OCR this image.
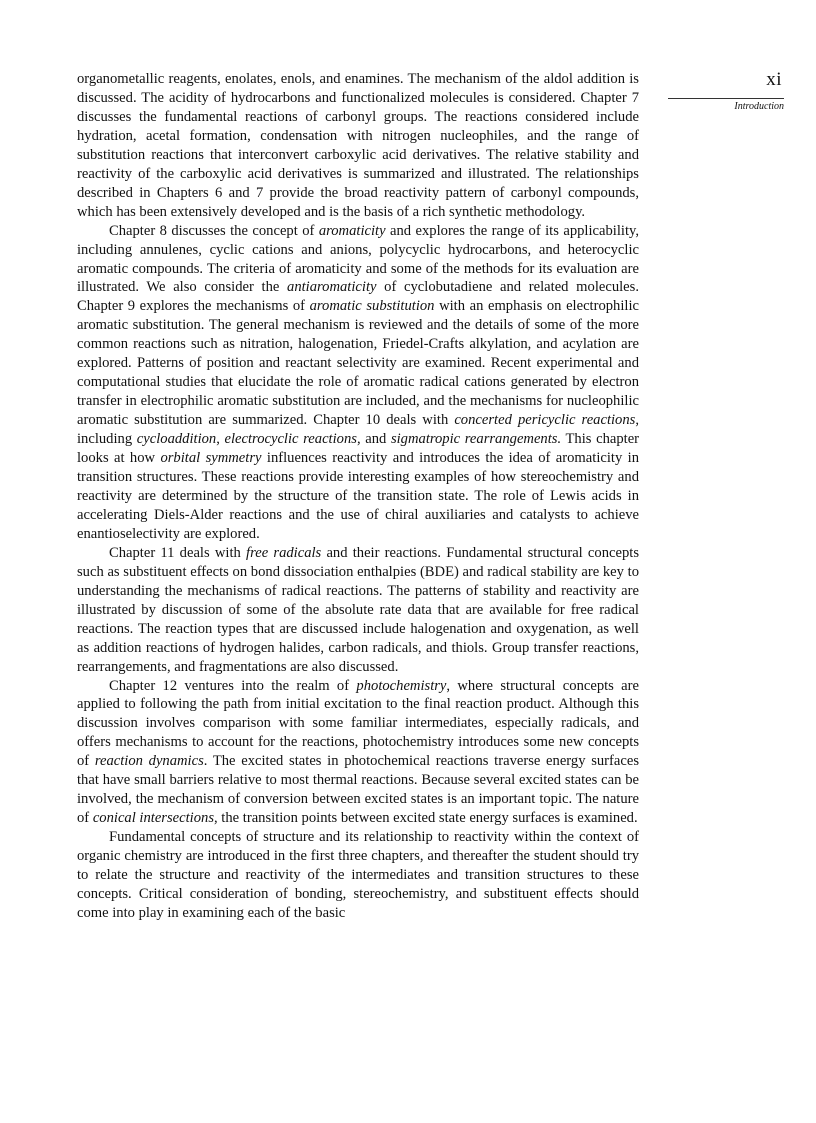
xi
Introduction

organometallic reagents, enolates, enols, and enamines. The mechanism of the aldol addition is discussed. The acidity of hydrocarbons and functionalized molecules is considered. Chapter 7 discusses the fundamental reactions of carbonyl groups. The reactions considered include hydration, acetal formation, condensation with nitrogen nucleophiles, and the range of substitution reactions that interconvert carboxylic acid derivatives. The relative stability and reactivity of the carboxylic acid derivatives is summarized and illustrated. The relationships described in Chapters 6 and 7 provide the broad reactivity pattern of carbonyl compounds, which has been extensively developed and is the basis of a rich synthetic methodology.

Chapter 8 discusses the concept of aromaticity and explores the range of its applicability, including annulenes, cyclic cations and anions, polycyclic hydrocarbons, and heterocyclic aromatic compounds. The criteria of aromaticity and some of the methods for its evaluation are illustrated. We also consider the antiaromaticity of cyclobutadiene and related molecules. Chapter 9 explores the mechanisms of aromatic substitution with an emphasis on electrophilic aromatic substitution. The general mechanism is reviewed and the details of some of the more common reactions such as nitration, halogenation, Friedel-Crafts alkylation, and acylation are explored. Patterns of position and reactant selectivity are examined. Recent experimental and computational studies that elucidate the role of aromatic radical cations generated by electron transfer in electrophilic aromatic substitution are included, and the mechanisms for nucleophilic aromatic substitution are summarized. Chapter 10 deals with concerted pericyclic reactions, including cycloaddition, electrocyclic reactions, and sigmatropic rearrangements. This chapter looks at how orbital symmetry influences reactivity and introduces the idea of aromaticity in transition structures. These reactions provide interesting examples of how stereochemistry and reactivity are determined by the structure of the transition state. The role of Lewis acids in accelerating Diels-Alder reactions and the use of chiral auxiliaries and catalysts to achieve enantioselectivity are explored.

Chapter 11 deals with free radicals and their reactions. Fundamental structural concepts such as substituent effects on bond dissociation enthalpies (BDE) and radical stability are key to understanding the mechanisms of radical reactions. The patterns of stability and reactivity are illustrated by discussion of some of the absolute rate data that are available for free radical reactions. The reaction types that are discussed include halogenation and oxygenation, as well as addition reactions of hydrogen halides, carbon radicals, and thiols. Group transfer reactions, rearrangements, and fragmentations are also discussed.

Chapter 12 ventures into the realm of photochemistry, where structural concepts are applied to following the path from initial excitation to the final reaction product. Although this discussion involves comparison with some familiar intermediates, especially radicals, and offers mechanisms to account for the reactions, photochemistry introduces some new concepts of reaction dynamics. The excited states in photochemical reactions traverse energy surfaces that have small barriers relative to most thermal reactions. Because several excited states can be involved, the mechanism of conversion between excited states is an important topic. The nature of conical intersections, the transition points between excited state energy surfaces is examined.

Fundamental concepts of structure and its relationship to reactivity within the context of organic chemistry are introduced in the first three chapters, and thereafter the student should try to relate the structure and reactivity of the intermediates and transition structures to these concepts. Critical consideration of bonding, stereochemistry, and substituent effects should come into play in examining each of the basic
